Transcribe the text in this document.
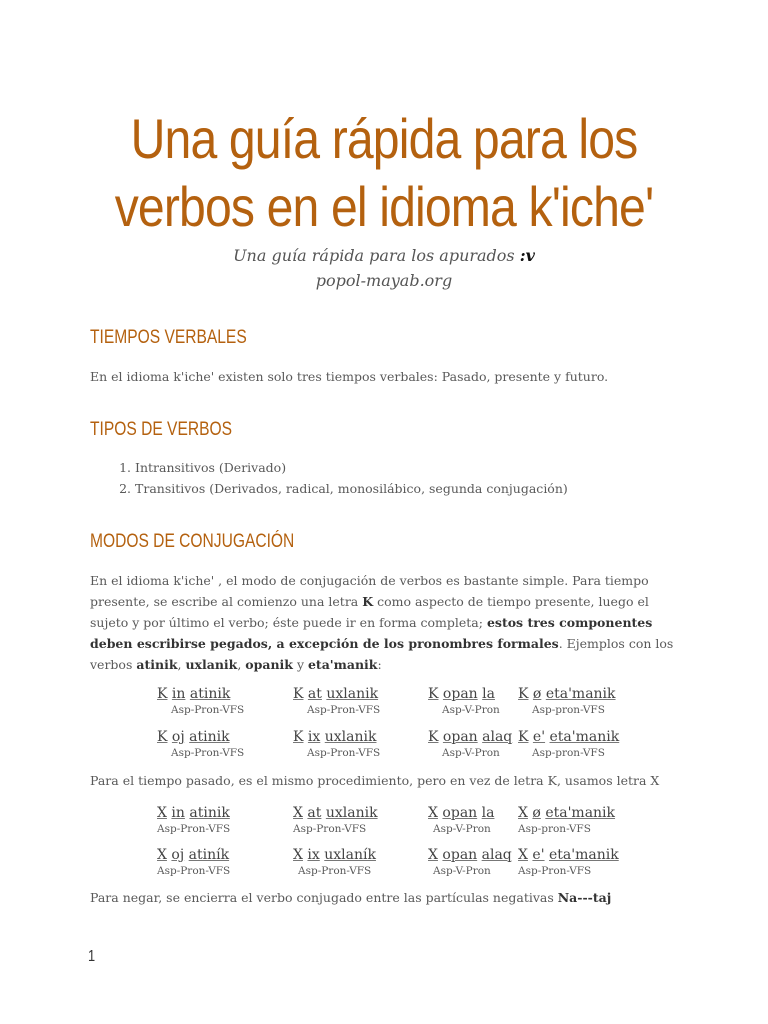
Una guía rápida para los
verbos en el idioma k'iche'
Una guía rápida para los apurados :v
popol-mayab.org
TIEMPOS VERBALES

En el idioma k'iche' existen solo tres tiempos verbales: Pasado, presente y futuro.

TIPOS DE VERBOS
1. Intransitivos (Derivado)
2. Transitivos (Derivados, radical, monosilábico, segunda conjugación)
MODOS DE CONJUGACIÓN

En el idioma k'iche' , el modo de conjugación de verbos es bastante simple. Para tiempo presente, se escribe al comienzo una letra K como aspecto de tiempo presente, luego el sujeto y por último el verbo; éste puede ir en forma completa; estos tres componentes deben escribirse pegados, a excepción de los pronombres formales. Ejemplos con los verbos atinik, uxlanik, opanik y eta'manik:

K in atinik
Asp-Pron-VFS
K at uxlanik
Asp-Pron-VFS
K opan la
Asp-V-Pron
K ø eta'manik
Asp-pron-VFS
K oj atinik
Asp-Pron-VFS
K ix uxlanik
Asp-Pron-VFS
K opan alaq
Asp-V-Pron
K e' eta'manik
Asp-pron-VFS
X in atinik
Asp-Pron-VFS
X at uxlanik
Asp-Pron-VFS
X opan la
Asp-V-Pron
X ø eta'manik
Asp-pron-VFS
X oj atiník
Asp-Pron-VFS
X ix uxlaník
Asp-Pron-VFS
X opan alaq
Asp-V-Pron
X e' eta'manik
Asp-Pron-VFS

Para el tiempo pasado, es el mismo procedimiento, pero en vez de letra K, usamos letra X

Para negar, se encierra el verbo conjugado entre las partículas negativas Na---taj

1
